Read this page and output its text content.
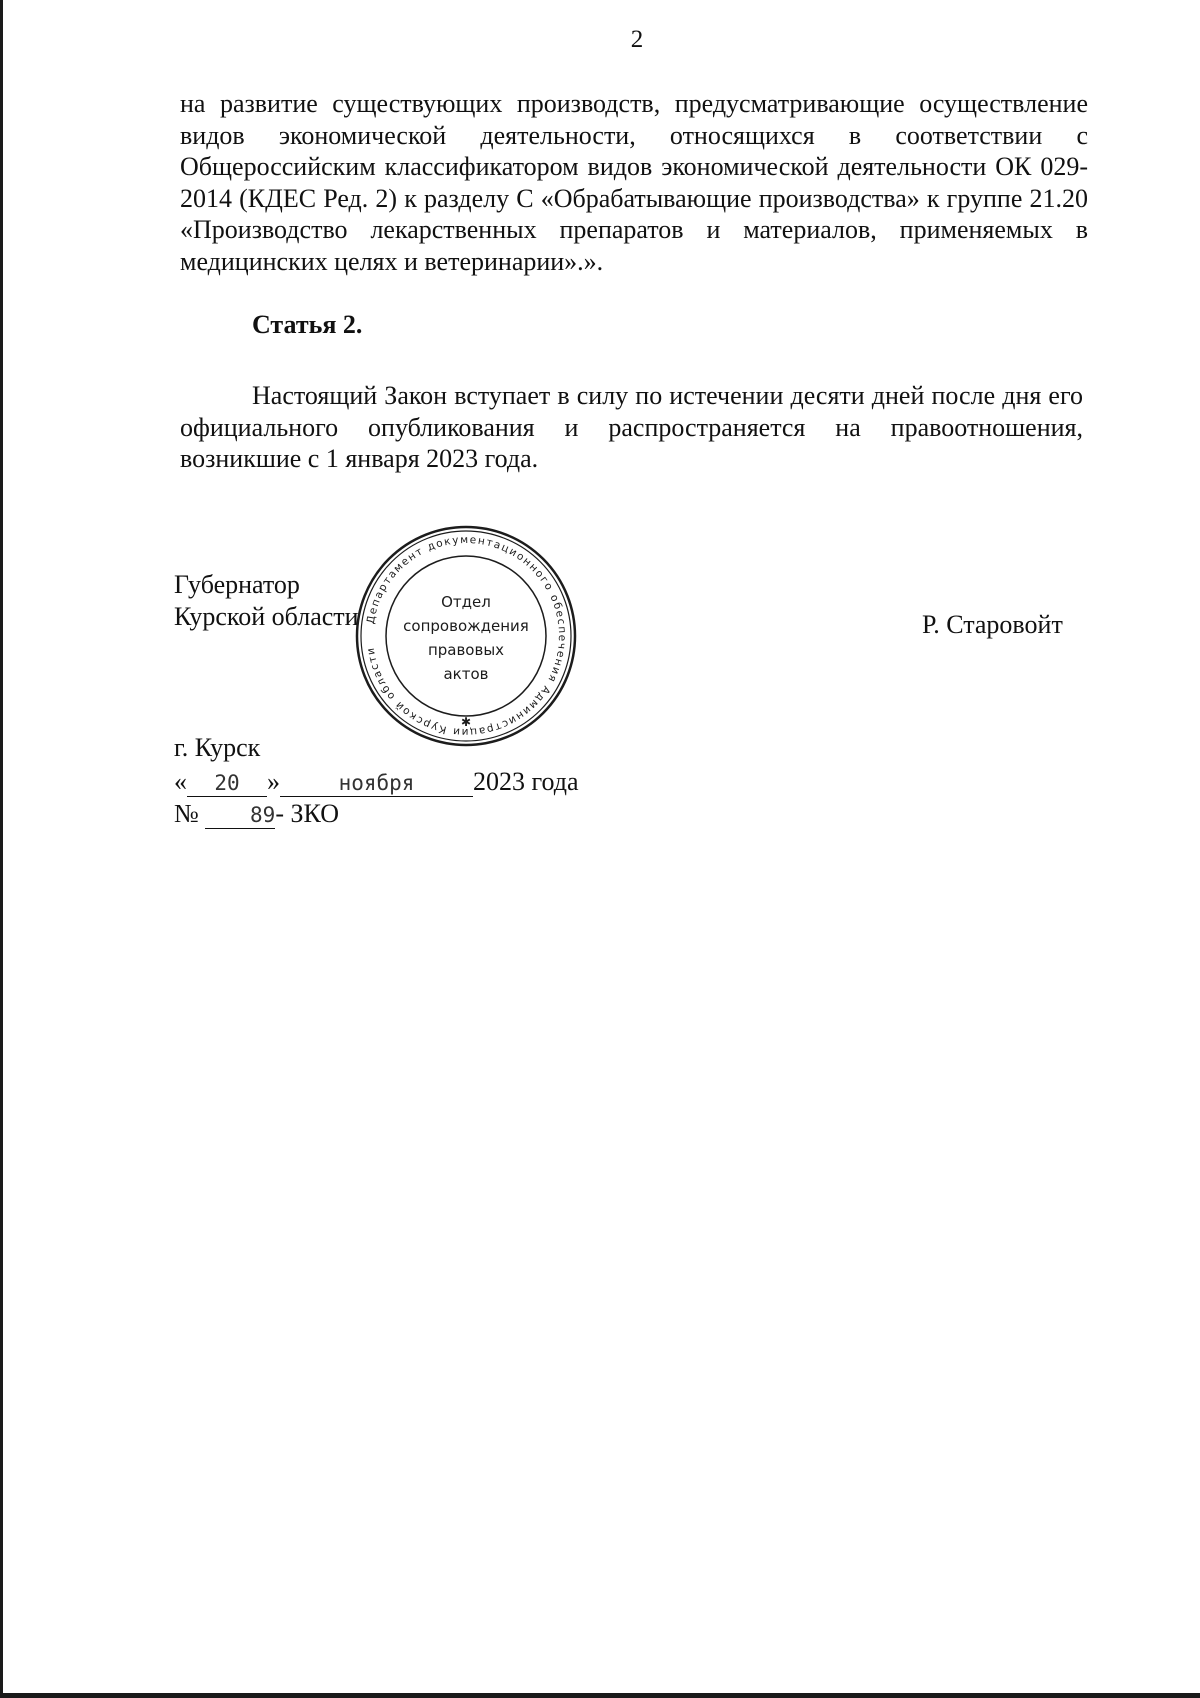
2

на развитие существующих производств, предусматривающие осуществление видов экономической деятельности, относящихся в соответствии с Общероссийским классификатором видов экономической деятельности ОК 029-2014 (КДЕС Ред. 2) к разделу С «Обрабатывающие производства» к группе 21.20 «Производство лекарственных препаратов и материалов, применяемых в медицинских целях и ветеринарии».».

Статья 2.

Настоящий Закон вступает в силу по истечении десяти дней после дня его официального опубликования и распространяется на правоотношения, возникшие с 1 января 2023 года.

Губернатор
Курской области	Р. Старовойт
Департамент документационного обеспечения Администрации Курской области
✱
Отдел
сопровождения
правовых
актов
г. Курск
« 20 »	ноября 2023 года
№ 89- ЗКО
